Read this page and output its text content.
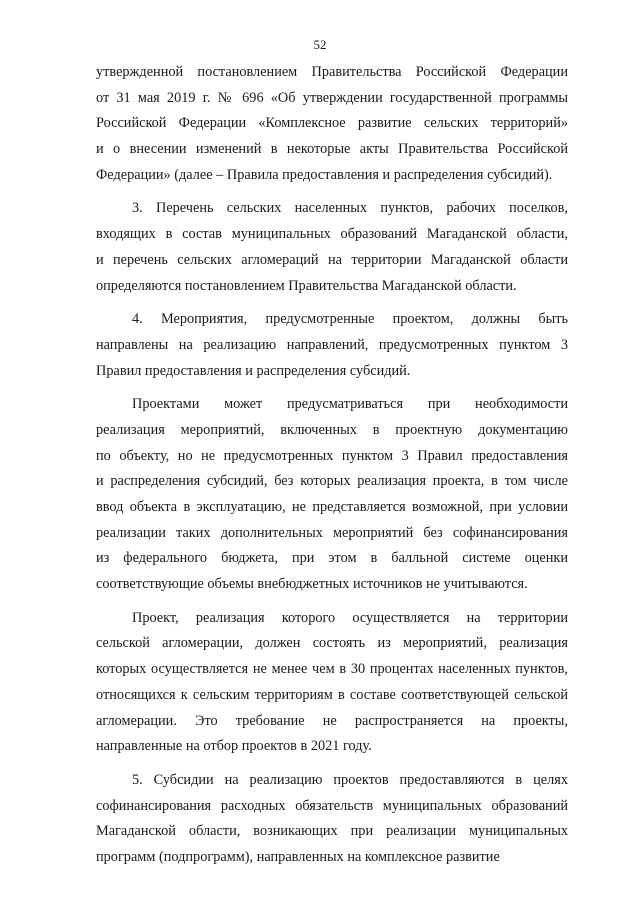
52
утвержденной постановлением Правительства Российской Федерации
от 31 мая 2019 г. № 696 «Об утверждении государственной программы
Российской Федерации «Комплексное развитие сельских территорий»
и о внесении изменений в некоторые акты Правительства Российской
Федерации» (далее – Правила предоставления и распределения субсидий).
3. Перечень сельских населенных пунктов, рабочих поселков,
входящих в состав муниципальных образований Магаданской области,
и перечень сельских агломераций на территории Магаданской области
определяются постановлением Правительства Магаданской области.
4. Мероприятия, предусмотренные проектом, должны быть
направлены на реализацию направлений, предусмотренных пунктом 3
Правил предоставления и распределения субсидий.
Проектами может предусматриваться при необходимости
реализация мероприятий, включенных в проектную документацию
по объекту, но не предусмотренных пунктом 3 Правил предоставления
и распределения субсидий, без которых реализация проекта, в том числе
ввод объекта в эксплуатацию, не представляется возможной, при условии
реализации таких дополнительных мероприятий без софинансирования
из федерального бюджета, при этом в балльной системе оценки
соответствующие объемы внебюджетных источников не учитываются.
Проект, реализация которого осуществляется на территории
сельской агломерации, должен состоять из мероприятий, реализация
которых осуществляется не менее чем в 30 процентах населенных пунктов,
относящихся к сельским территориям в составе соответствующей сельской
агломерации. Это требование не распространяется на проекты,
направленные на отбор проектов в 2021 году.
5. Субсидии на реализацию проектов предоставляются в целях
софинансирования расходных обязательств муниципальных образований
Магаданской области, возникающих при реализации муниципальных
программ (подпрограмм), направленных на комплексное развитие
